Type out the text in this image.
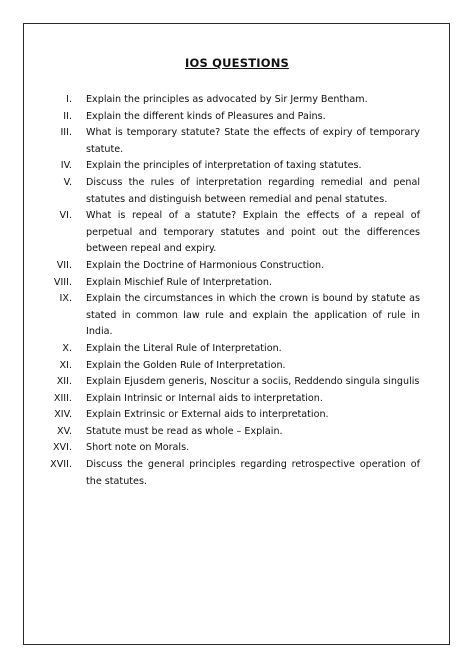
IOS QUESTIONS
I.	Explain the principles as advocated by Sir Jermy Bentham.
II.	Explain the different kinds of Pleasures and Pains.
III.	What is temporary statute? State the effects of expiry of temporary statute.
IV.	Explain the principles of interpretation of taxing statutes.
V.	Discuss the rules of interpretation regarding remedial and penal statutes and distinguish between remedial and penal statutes.
VI.	What is repeal of a statute? Explain the effects of a repeal of perpetual and temporary statutes and point out the differences between repeal and expiry.
VII.	Explain the Doctrine of Harmonious Construction.
VIII.	Explain Mischief Rule of Interpretation.
IX.	Explain the circumstances in which the crown is bound by statute as stated in common law rule and explain the application of rule in India.
X.	Explain the Literal Rule of Interpretation.
XI.	Explain the Golden Rule of Interpretation.
XII.	Explain Ejusdem generis, Noscitur a sociis, Reddendo singula singulis
XIII.	Explain Intrinsic or Internal aids to interpretation.
XIV.	Explain Extrinsic or External aids to interpretation.
XV.	Statute must be read as whole – Explain.
XVI.	Short note on Morals.
XVII.	Discuss the general principles regarding retrospective operation of the statutes.
